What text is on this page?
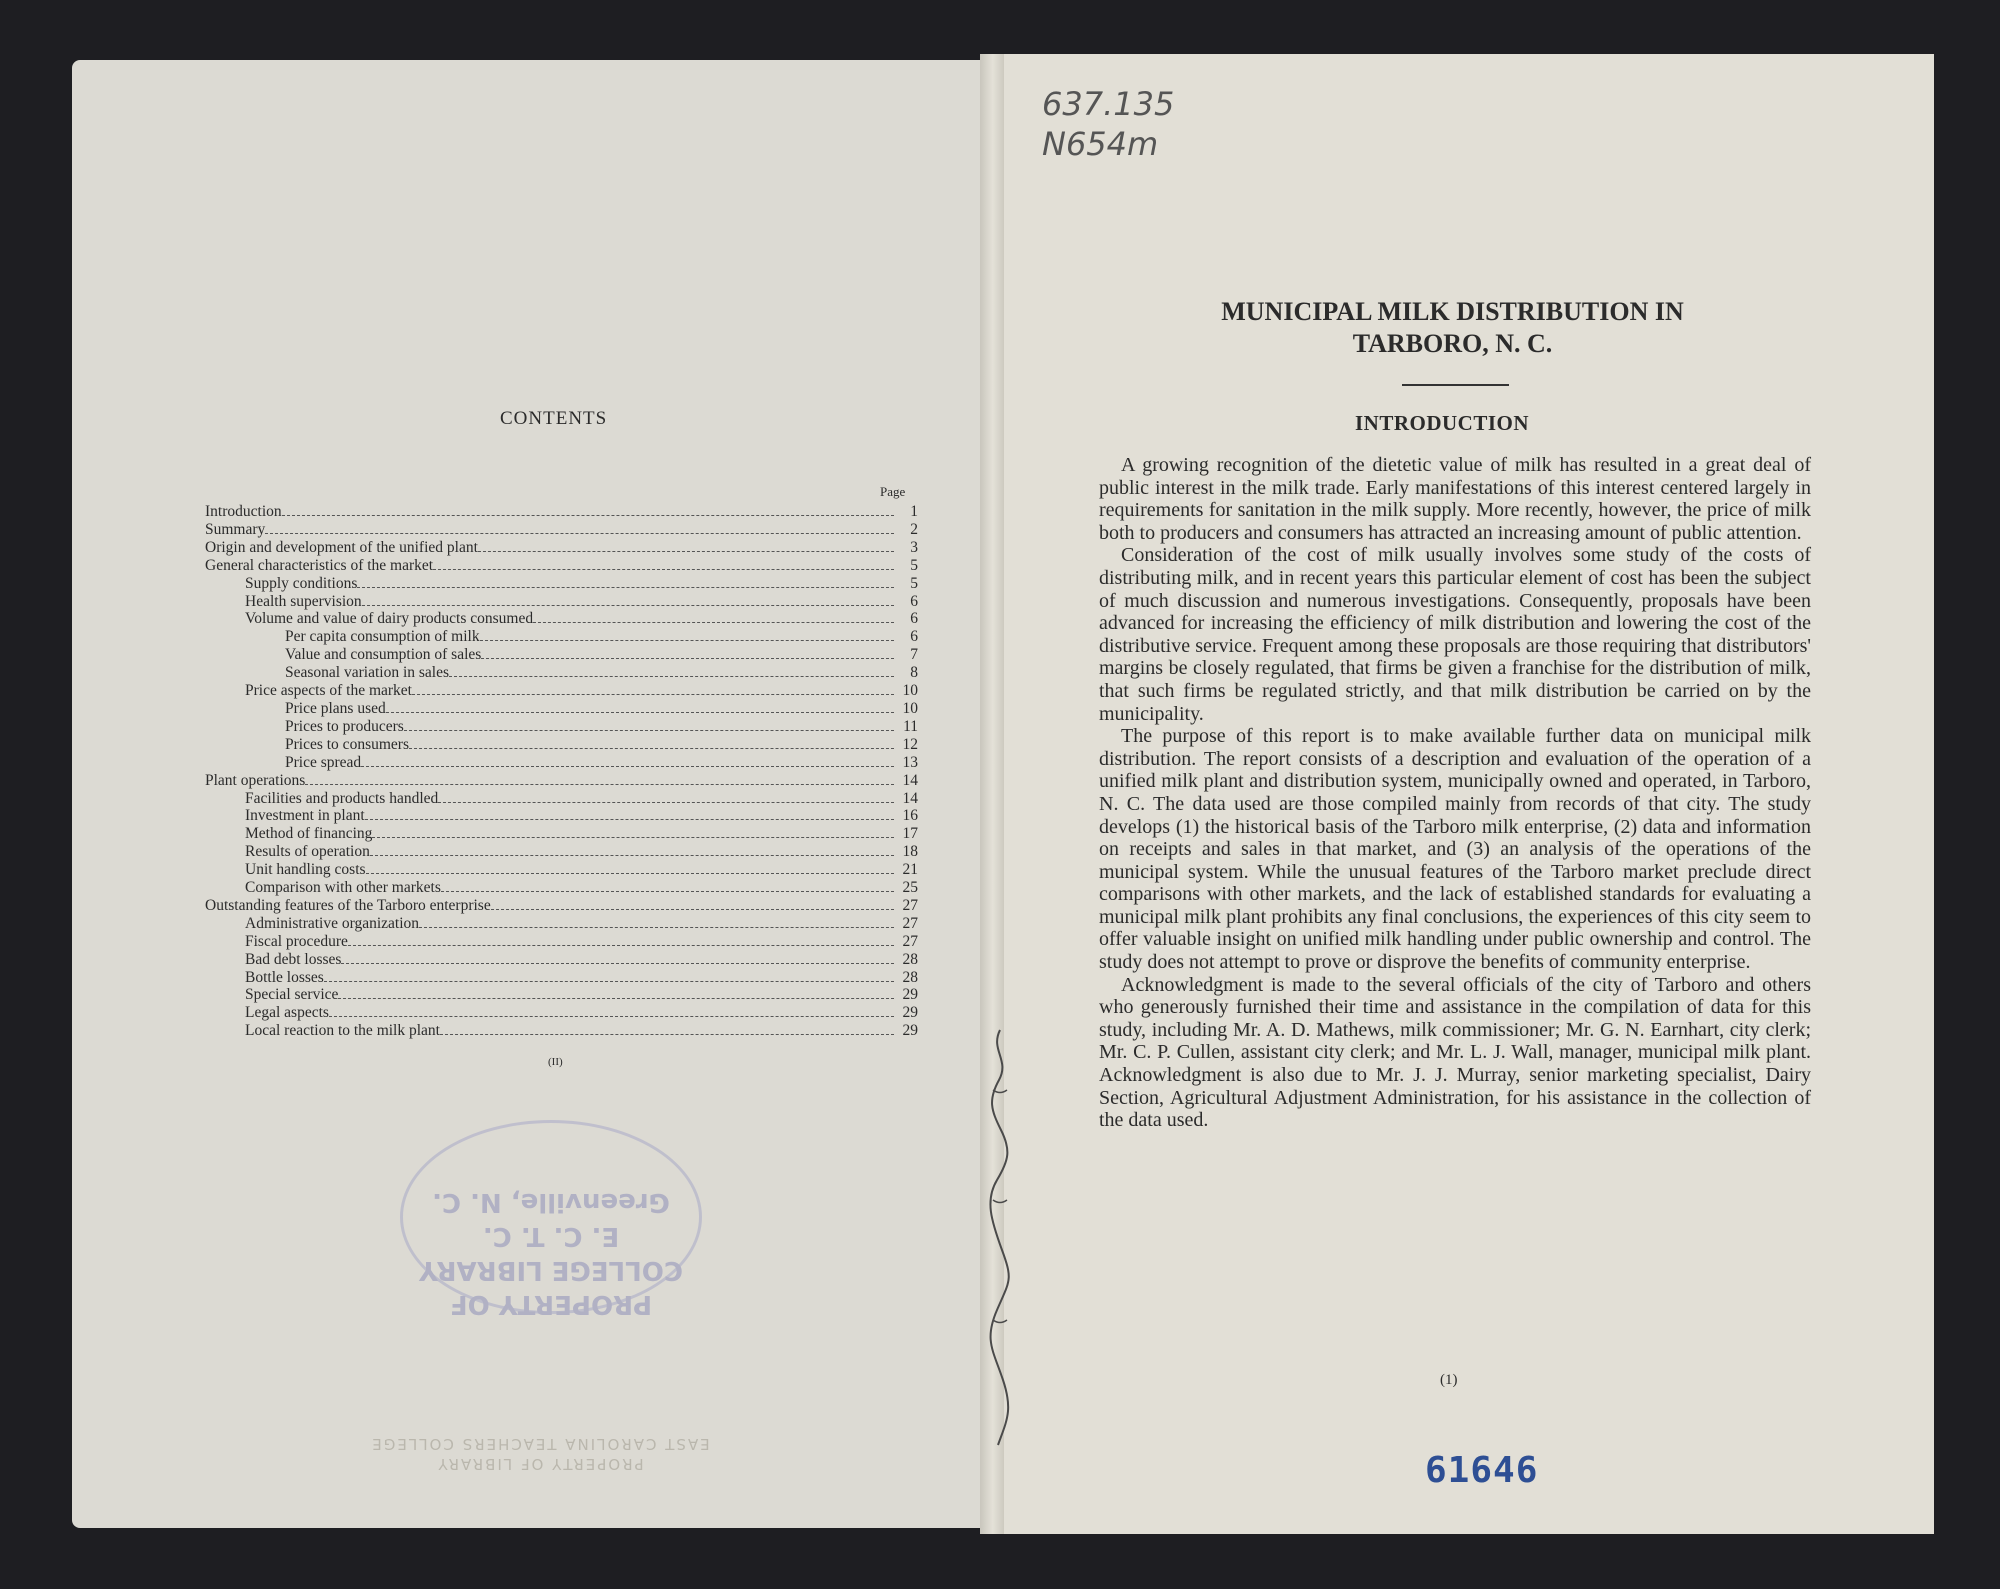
CONTENTS
Page
Introduction	1
Summary	2
Origin and development of the unified plant	3
General characteristics of the market	5
Supply conditions	5
Health supervision	6
Volume and value of dairy products consumed	6
Per capita consumption of milk	6
Value and consumption of sales	7
Seasonal variation in sales	8
Price aspects of the market	10
Price plans used	10
Prices to producers	11
Prices to consumers	12
Price spread	13
Plant operations	14
Facilities and products handled	14
Investment in plant	16
Method of financing	17
Results of operation	18
Unit handling costs	21
Comparison with other markets	25
Outstanding features of the Tarboro enterprise	27
Administrative organization	27
Fiscal procedure	27
Bad debt losses	28
Bottle losses	28
Special service	29
Legal aspects	29
Local reaction to the milk plant	29
(II)
PROPERTY OF
COLLEGE LIBRARY
E. C. T. C.
Greenville, N. C.
PROPERTY OF LIBRARY
EAST CAROLINA TEACHERS COLLEGE
637.135
N654m
MUNICIPAL MILK DISTRIBUTION IN
TARBORO, N. C.
INTRODUCTION

A growing recognition of the dietetic value of milk has resulted in a great deal of public interest in the milk trade. Early manifestations of this interest centered largely in requirements for sanitation in the milk supply. More recently, however, the price of milk both to producers and consumers has attracted an increasing amount of public attention.

Consideration of the cost of milk usually involves some study of the costs of distributing milk, and in recent years this particular element of cost has been the subject of much discussion and numerous investigations. Consequently, proposals have been advanced for increasing the efficiency of milk distribution and lowering the cost of the distributive service. Frequent among these proposals are those requiring that distributors' margins be closely regulated, that firms be given a franchise for the distribution of milk, that such firms be regulated strictly, and that milk distribution be carried on by the municipality.

The purpose of this report is to make available further data on municipal milk distribution. The report consists of a description and evaluation of the operation of a unified milk plant and distribution system, municipally owned and operated, in Tarboro, N. C. The data used are those compiled mainly from records of that city. The study develops (1) the historical basis of the Tarboro milk enterprise, (2) data and information on receipts and sales in that market, and (3) an analysis of the operations of the municipal system. While the unusual features of the Tarboro market preclude direct comparisons with other markets, and the lack of established standards for evaluating a municipal milk plant prohibits any final conclusions, the experiences of this city seem to offer valuable insight on unified milk handling under public ownership and control. The study does not attempt to prove or disprove the benefits of community enterprise.

Acknowledgment is made to the several officials of the city of Tarboro and others who generously furnished their time and assistance in the compilation of data for this study, including Mr. A. D. Mathews, milk commissioner; Mr. G. N. Earnhart, city clerk; Mr. C. P. Cullen, assistant city clerk; and Mr. L. J. Wall, manager, municipal milk plant. Acknowledgment is also due to Mr. J. J. Murray, senior marketing specialist, Dairy Section, Agricultural Adjustment Administration, for his assistance in the collection of the data used.

(1)
61646
